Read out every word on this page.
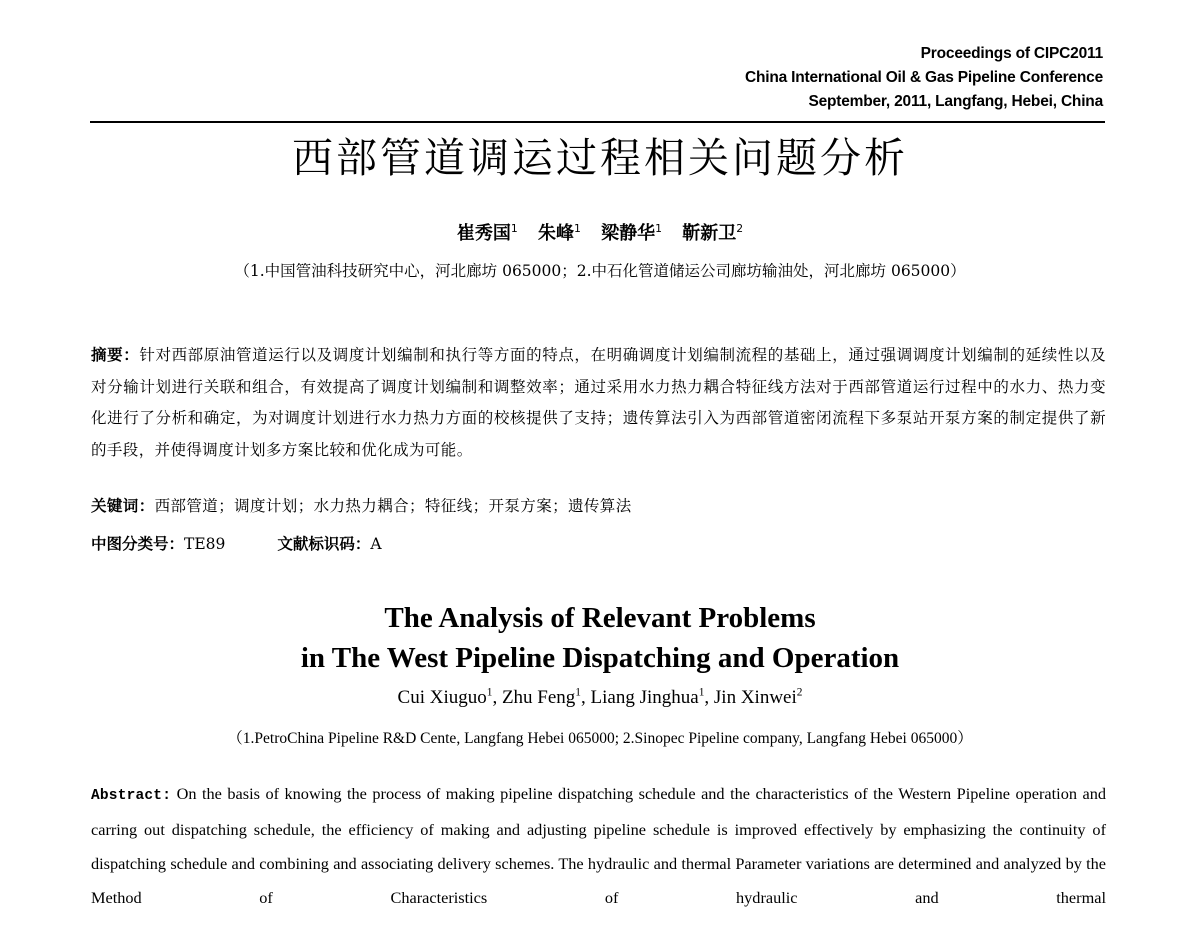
Proceedings of CIPC2011
China International Oil & Gas Pipeline Conference
September, 2011, Langfang, Hebei, China
西部管道调运过程相关问题分析
崔秀国$^1$ 朱峰$^1$ 梁静华$^1$ 靳新卫$^2$
（1.中国管油科技研究中心，河北廊坊 065000；2.中石化管道储运公司廊坊输油处，河北廊坊 065000）
摘要：针对西部原油管道运行以及调度计划编制和执行等方面的特点，在明确调度计划编制流程的基础上，通过强调调度计划编制的延续性以及对分输计划进行关联和组合，有效提高了调度计划编制和调整效率；通过采用水力热力耦合特征线方法对于西部管道运行过程中的水力、热力变化进行了分析和确定，为对调度计划进行水力热力方面的校核提供了支持；遗传算法引入为西部管道密闭流程下多泵站开泵方案的制定提供了新的手段，并使得调度计划多方案比较和优化成为可能。
关键词：西部管道；调度计划；水力热力耦合；特征线；开泵方案；遗传算法
中图分类号：TE89	文献标识码：A
The Analysis of Relevant Problems
in The West Pipeline Dispatching and Operation
Cui Xiuguo$^1$, Zhu Feng$^1$, Liang Jinghua$^1$, Jin Xinwei$^2$
（1.PetroChina Pipeline R&D Cente, Langfang Hebei 065000; 2.Sinopec Pipeline company, Langfang Hebei 065000）
Abstract: On the basis of knowing the process of making pipeline dispatching schedule and the characteristics of the Western Pipeline operation and carring out dispatching schedule, the efficiency of making and adjusting pipeline schedule is improved effectively by emphasizing the continuity of dispatching schedule and combining and associating delivery schemes. The hydraulic and thermal Parameter variations are determined and analyzed by the Method of Characteristics of hydraulic and thermal
